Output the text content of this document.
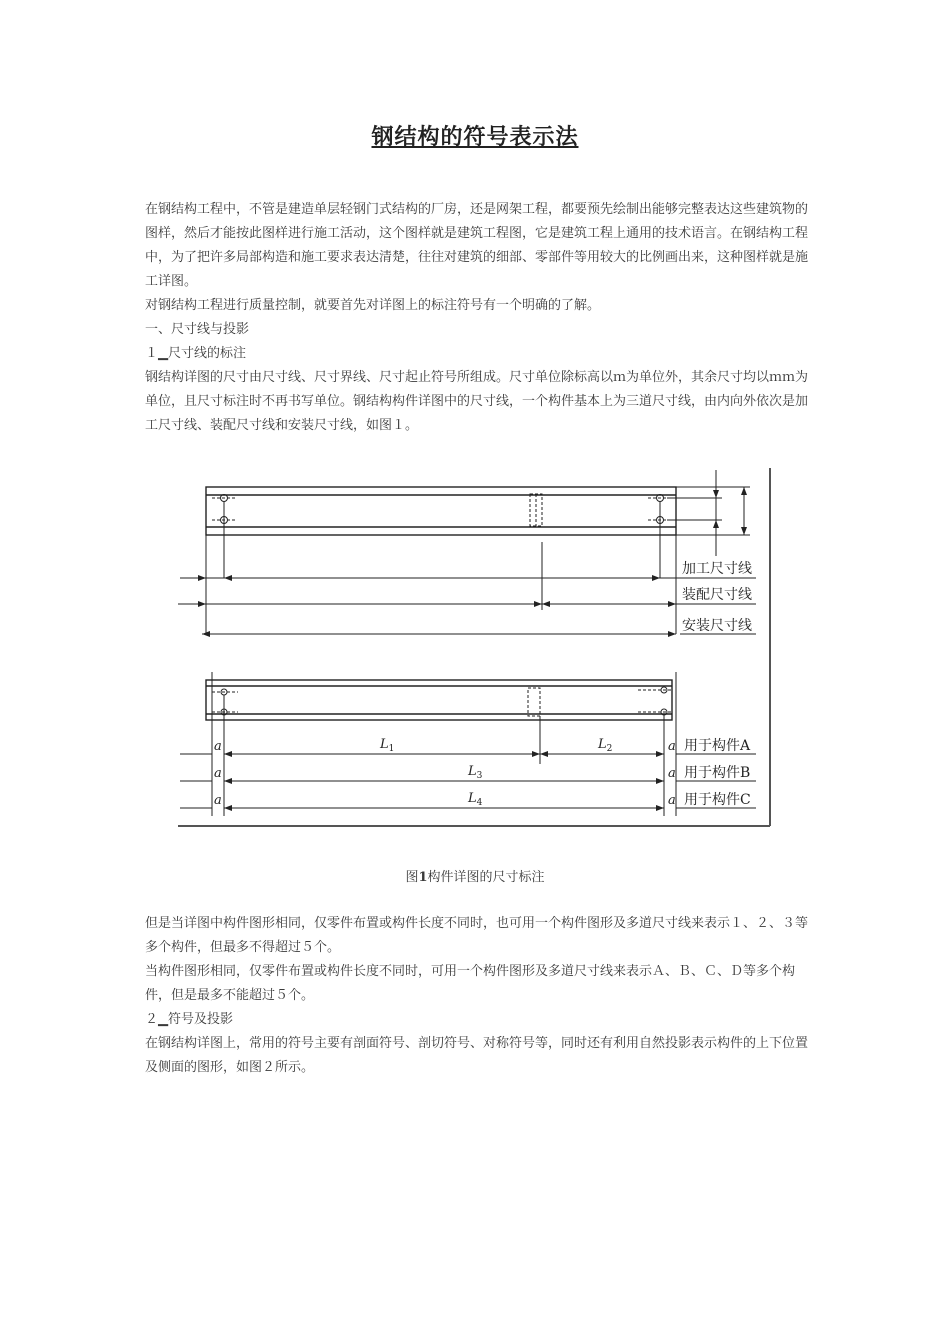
钢结构的符号表示法

在钢结构工程中，不管是建造单层轻钢门式结构的厂房，还是网架工程，都要预先绘制出能够完整表达这些建筑物的图样，然后才能按此图样进行施工活动，这个图样就是建筑工程图，它是建筑工程上通用的技术语言。在钢结构工程中，为了把许多局部构造和施工要求表达清楚，往往对建筑的细部、零部件等用较大的比例画出来，这种图样就是施工详图。

对钢结构工程进行质量控制，就要首先对详图上的标注符号有一个明确的了解。

一、尺寸线与投影

１▁尺寸线的标注

钢结构详图的尺寸由尺寸线、尺寸界线、尺寸起止符号所组成。尺寸单位除标高以ｍ为单位外，其余尺寸均以ｍｍ为单位，且尺寸标注时不再书写单位。钢结构构件详图中的尺寸线，一个构件基本上为三道尺寸线，由内向外依次是加工尺寸线、装配尺寸线和安装尺寸线，如图１。

加工尺寸线
装配尺寸线
安装尺寸线
a	$L_1$	$L_2$	a
a	$L_3$	a
a	$L_4$	a
用于构件A
用于构件B
用于构件C
图1构件详图的尺寸标注

但是当详图中构件图形相同，仅零件布置或构件长度不同时，也可用一个构件图形及多道尺寸线来表示１、２、３等多个构件，但最多不得超过５个。

当构件图形相同，仅零件布置或构件长度不同时，可用一个构件图形及多道尺寸线来表示Ａ、Ｂ、Ｃ、Ｄ等多个构件，但是最多不能超过５个。

２▁符号及投影

在钢结构详图上，常用的符号主要有剖面符号、剖切符号、对称符号等，同时还有利用自然投影表示构件的上下位置及侧面的图形，如图２所示。
